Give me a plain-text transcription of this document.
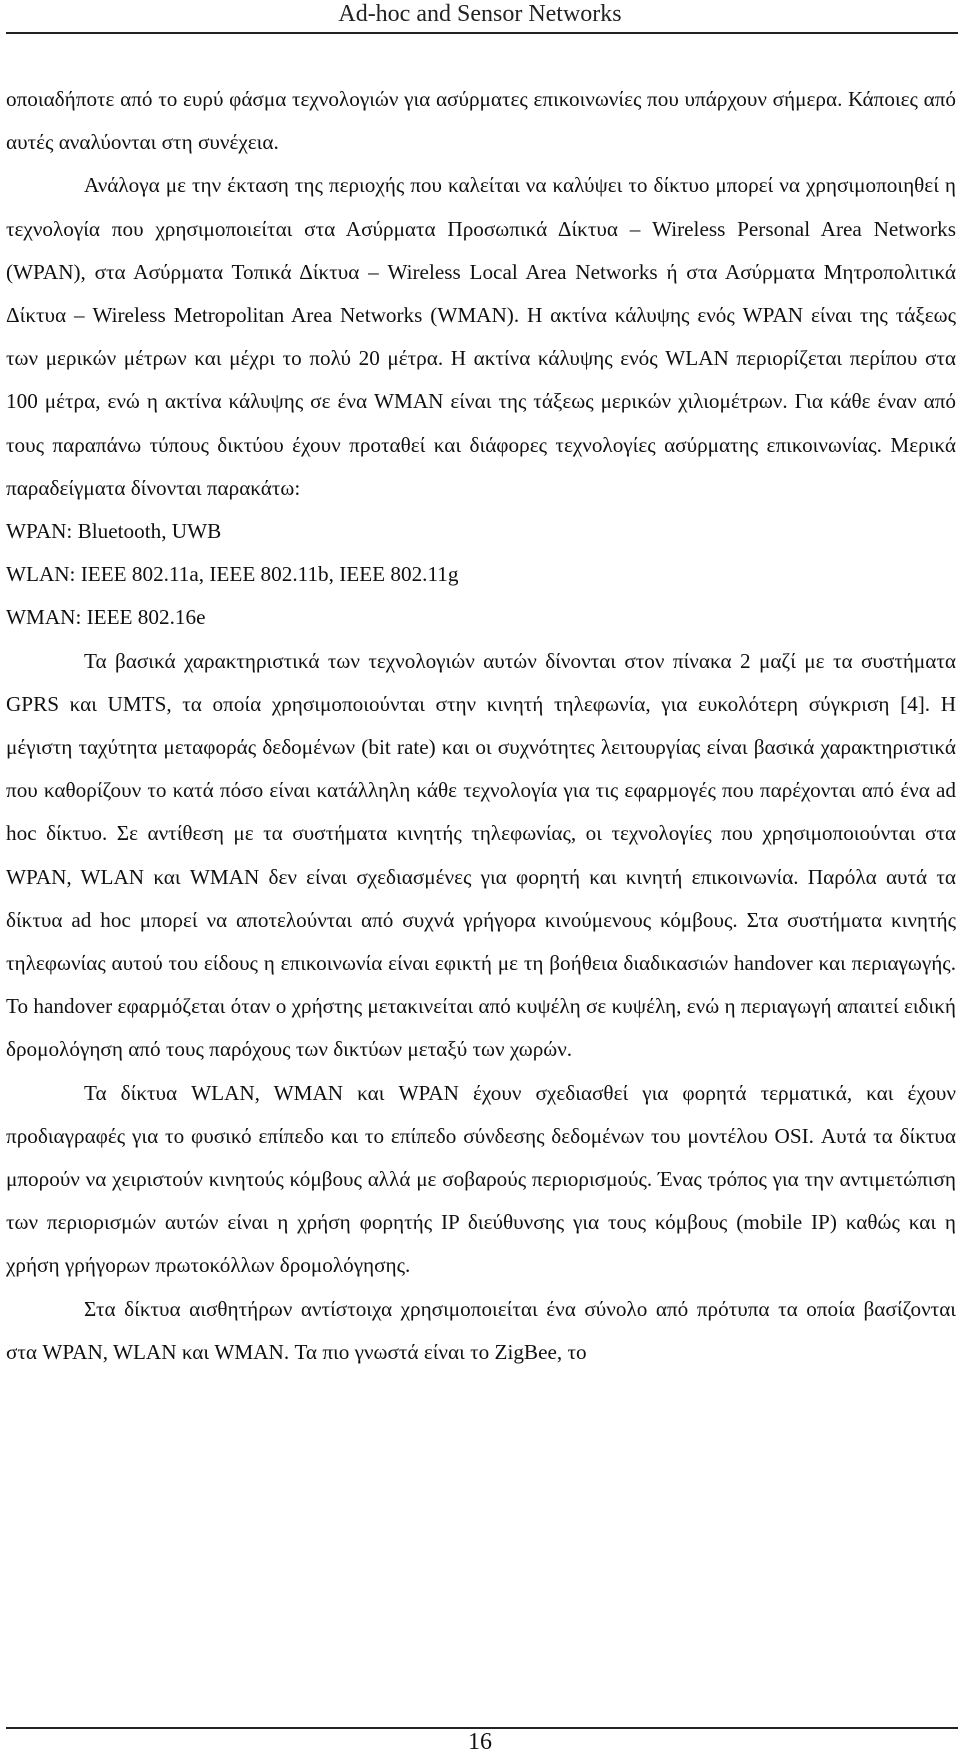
Ad-hoc and Sensor Networks

οποιαδήποτε από το ευρύ φάσμα τεχνολογιών για ασύρματες επικοινωνίες που υπάρχουν σήμερα. Κάποιες από αυτές αναλύονται στη συνέχεια.

Ανάλογα με την έκταση της περιοχής που καλείται να καλύψει το δίκτυο μπορεί να χρησιμοποιηθεί η τεχνολογία που χρησιμοποιείται στα Ασύρματα Προσωπικά Δίκτυα – Wireless Personal Area Networks (WPAN), στα Ασύρματα Τοπικά Δίκτυα – Wireless Local Area Networks ή στα Ασύρματα Μητροπολιτικά Δίκτυα – Wireless Metropolitan Area Networks (WMAN). Η ακτίνα κάλυψης ενός WPAN είναι της τάξεως των μερικών μέτρων και μέχρι το πολύ 20 μέτρα. Η ακτίνα κάλυψης ενός WLAN περιορίζεται περίπου στα 100 μέτρα, ενώ η ακτίνα κάλυψης σε ένα WMAN είναι της τάξεως μερικών χιλιομέτρων. Για κάθε έναν από τους παραπάνω τύπους δικτύου έχουν προταθεί και διάφορες τεχνολογίες ασύρματης επικοινωνίας. Μερικά παραδείγματα δίνονται παρακάτω:

WPAN: Bluetooth, UWB

WLAN: IEEE 802.11a, IEEE 802.11b, IEEE 802.11g

WMAN: IEEE 802.16e

Τα βασικά χαρακτηριστικά των τεχνολογιών αυτών δίνονται στον πίνακα 2 μαζί με τα συστήματα GPRS και UMTS, τα οποία χρησιμοποιούνται στην κινητή τηλεφωνία, για ευκολότερη σύγκριση [4]. Η μέγιστη ταχύτητα μεταφοράς δεδομένων (bit rate) και οι συχνότητες λειτουργίας είναι βασικά χαρακτηριστικά που καθορίζουν το κατά πόσο είναι κατάλληλη κάθε τεχνολογία για τις εφαρμογές που παρέχονται από ένα ad hoc δίκτυο. Σε αντίθεση με τα συστήματα κινητής τηλεφωνίας, οι τεχνολογίες που χρησιμοποιούνται στα WPAN, WLAN και WMAN δεν είναι σχεδιασμένες για φορητή και κινητή επικοινωνία. Παρόλα αυτά τα δίκτυα ad hoc μπορεί να αποτελούνται από συχνά γρήγορα κινούμενους κόμβους. Στα συστήματα κινητής τηλεφωνίας αυτού του είδους η επικοινωνία είναι εφικτή με τη βοήθεια διαδικασιών handover και περιαγωγής. Το handover εφαρμόζεται όταν ο χρήστης μετακινείται από κυψέλη σε κυψέλη, ενώ η περιαγωγή απαιτεί ειδική δρομολόγηση από τους παρόχους των δικτύων μεταξύ των χωρών.

Τα δίκτυα WLAN, WMAN και WPAN έχουν σχεδιασθεί για φορητά τερματικά, και έχουν προδιαγραφές για το φυσικό επίπεδο και το επίπεδο σύνδεσης δεδομένων του μοντέλου OSI. Αυτά τα δίκτυα μπορούν να χειριστούν κινητούς κόμβους αλλά με σοβαρούς περιορισμούς. Ένας τρόπος για την αντιμετώπιση των περιορισμών αυτών είναι η χρήση φορητής IP διεύθυνσης για τους κόμβους (mobile IP) καθώς και η χρήση γρήγορων πρωτοκόλλων δρομολόγησης.

Στα δίκτυα αισθητήρων αντίστοιχα χρησιμοποιείται ένα σύνολο από πρότυπα τα οποία βασίζονται στα WPAN, WLAN και WMAN. Τα πιο γνωστά είναι το ZigBee, το

16
